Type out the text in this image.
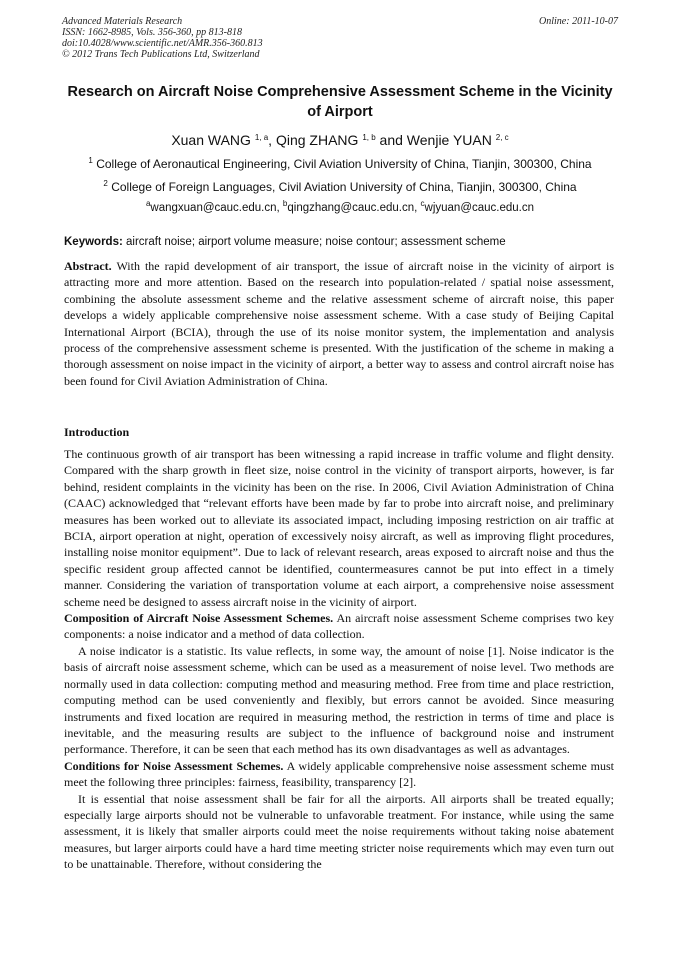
Advanced Materials Research
ISSN: 1662-8985, Vols. 356-360, pp 813-818
doi:10.4028/www.scientific.net/AMR.356-360.813
© 2012 Trans Tech Publications Ltd, Switzerland
Online: 2011-10-07
Research on Aircraft Noise Comprehensive Assessment Scheme in the Vicinity of Airport
Xuan WANG $^{1, a}$, Qing ZHANG $^{1, b}$ and Wenjie YUAN $^{2, c}$
$^1$ College of Aeronautical Engineering, Civil Aviation University of China, Tianjin, 300300, China
$^2$ College of Foreign Languages, Civil Aviation University of China, Tianjin, 300300, China
$^a$wangxuan@cauc.edu.cn, $^b$qingzhang@cauc.edu.cn, $^c$wjyuan@cauc.edu.cn
Keywords: aircraft noise; airport volume measure; noise contour; assessment scheme

Abstract. With the rapid development of air transport, the issue of aircraft noise in the vicinity of airport is attracting more and more attention. Based on the research into population-related / spatial noise assessment, combining the absolute assessment scheme and the relative assessment scheme of aircraft noise, this paper develops a widely applicable comprehensive noise assessment scheme. With a case study of Beijing Capital International Airport (BCIA), through the use of its noise monitor system, the implementation and analysis process of the comprehensive assessment scheme is presented. With the justification of the scheme in making a thorough assessment on noise impact in the vicinity of airport, a better way to assess and control aircraft noise has been found for Civil Aviation Administration of China.

Introduction

The continuous growth of air transport has been witnessing a rapid increase in traffic volume and flight density. Compared with the sharp growth in fleet size, noise control in the vicinity of transport airports, however, is far behind, resident complaints in the vicinity has been on the rise. In 2006, Civil Aviation Administration of China (CAAC) acknowledged that “relevant efforts have been made by far to probe into aircraft noise, and preliminary measures has been worked out to alleviate its associated impact, including imposing restriction on air traffic at BCIA, airport operation at night, operation of excessively noisy aircraft, as well as improving flight procedures, installing noise monitor equipment”. Due to lack of relevant research, areas exposed to aircraft noise and thus the specific resident group affected cannot be identified, countermeasures cannot be put into effect in a timely manner. Considering the variation of transportation volume at each airport, a comprehensive noise assessment scheme need be designed to assess aircraft noise in the vicinity of airport.

Composition of Aircraft Noise Assessment Schemes. An aircraft noise assessment Scheme comprises two key components: a noise indicator and a method of data collection.

A noise indicator is a statistic. Its value reflects, in some way, the amount of noise [1]. Noise indicator is the basis of aircraft noise assessment scheme, which can be used as a measurement of noise level. Two methods are normally used in data collection: computing method and measuring method. Free from time and place restriction, computing method can be used conveniently and flexibly, but errors cannot be avoided. Since measuring instruments and fixed location are required in measuring method, the restriction in terms of time and place is inevitable, and the measuring results are subject to the influence of background noise and instrument performance. Therefore, it can be seen that each method has its own disadvantages as well as advantages.

Conditions for Noise Assessment Schemes. A widely applicable comprehensive noise assessment scheme must meet the following three principles: fairness, feasibility, transparency [2].

It is essential that noise assessment shall be fair for all the airports. All airports shall be treated equally; especially large airports should not be vulnerable to unfavorable treatment. For instance, while using the same assessment, it is likely that smaller airports could meet the noise requirements without taking noise abatement measures, but larger airports could have a hard time meeting stricter noise requirements which may even turn out to be unattainable. Therefore, without considering the
